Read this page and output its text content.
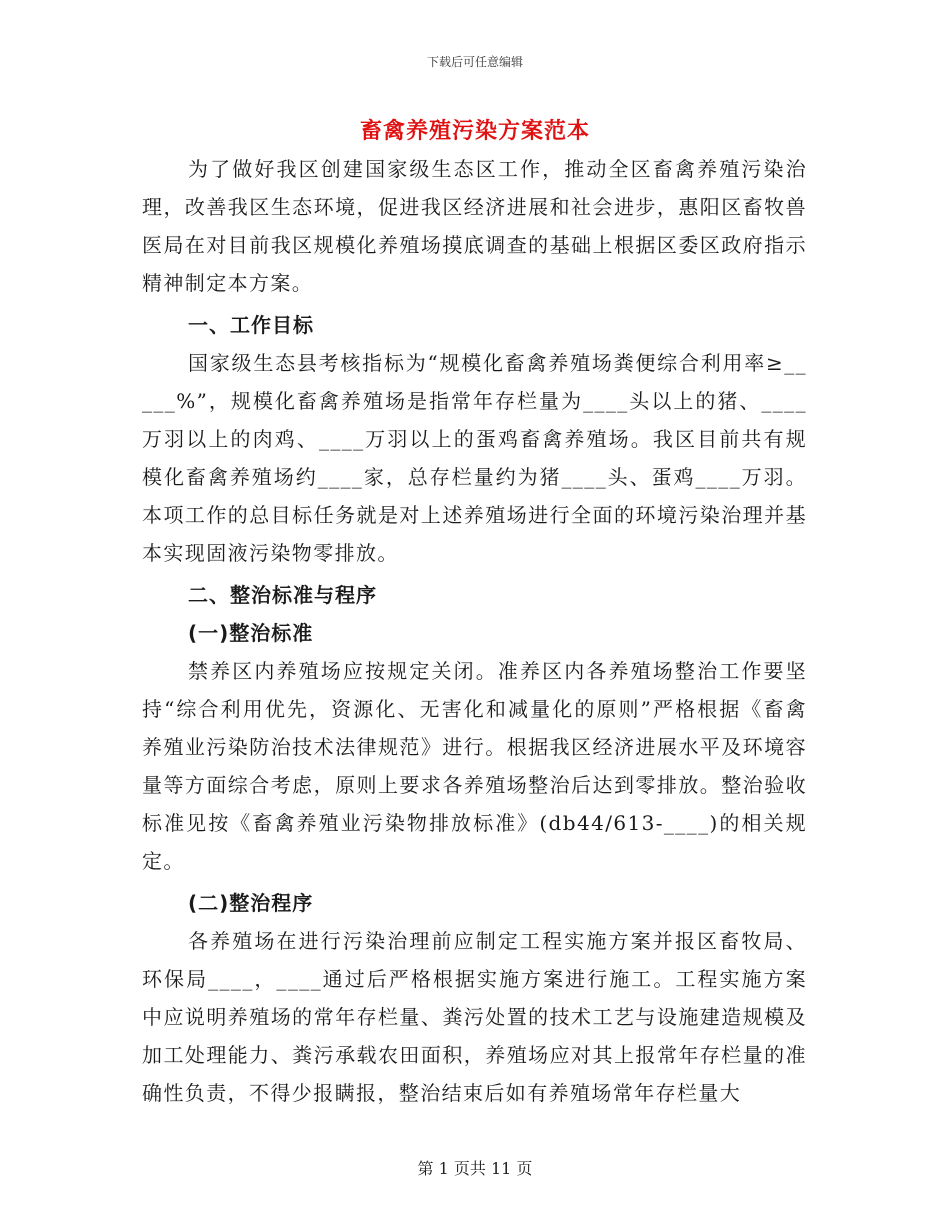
下载后可任意编辑
畜禽养殖污染方案范本

为了做好我区创建国家级生态区工作，推动全区畜禽养殖污染治理，改善我区生态环境，促进我区经济进展和社会进步，惠阳区畜牧兽医局在对目前我区规模化养殖场摸底调查的基础上根据区委区政府指示精神制定本方案。

一、工作目标

国家级生态县考核指标为“规模化畜禽养殖场粪便综合利用率≥_____%”，规模化畜禽养殖场是指常年存栏量为____头以上的猪、____万羽以上的肉鸡、____万羽以上的蛋鸡畜禽养殖场。我区目前共有规模化畜禽养殖场约____家，总存栏量约为猪____头、蛋鸡____万羽。本项工作的总目标任务就是对上述养殖场进行全面的环境污染治理并基本实现固液污染物零排放。

二、整治标准与程序

(一)整治标准

禁养区内养殖场应按规定关闭。准养区内各养殖场整治工作要坚持“综合利用优先，资源化、无害化和减量化的原则”严格根据《畜禽养殖业污染防治技术法律规范》进行。根据我区经济进展水平及环境容量等方面综合考虑，原则上要求各养殖场整治后达到零排放。整治验收标准见按《畜禽养殖业污染物排放标准》(db44/613-____)的相关规定。

(二)整治程序

各养殖场在进行污染治理前应制定工程实施方案并报区畜牧局、环保局____，____通过后严格根据实施方案进行施工。工程实施方案中应说明养殖场的常年存栏量、粪污处置的技术工艺与设施建造规模及加工处理能力、粪污承载农田面积，养殖场应对其上报常年存栏量的准确性负责，不得少报瞒报，整治结束后如有养殖场常年存栏量大

第 1 页共 11 页
